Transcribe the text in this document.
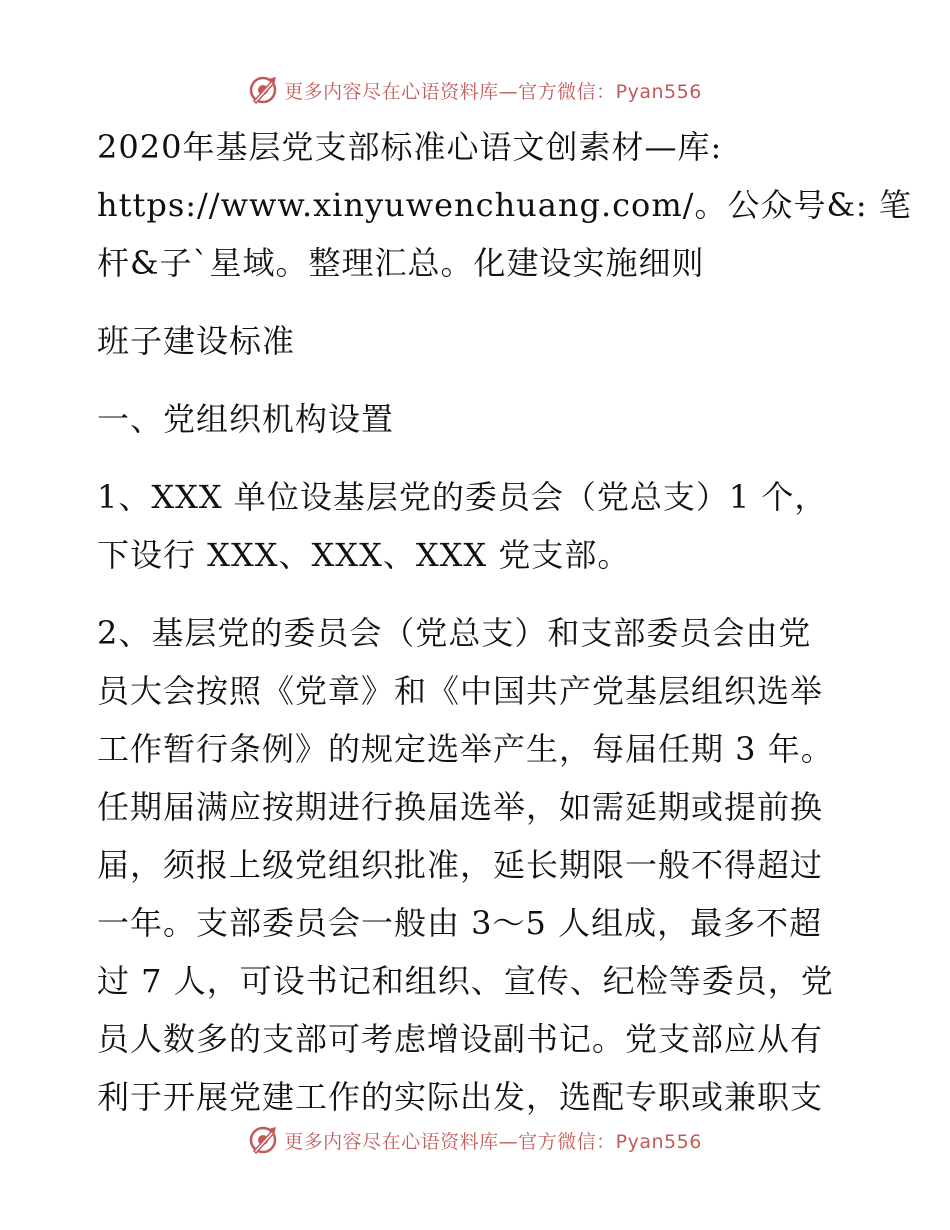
更多内容尽在心语资料库—官方微信：Pyan556
2020年基层党支部标准心语文创素材—库:
https://www.xinyuwenchuang.com/。公众号&: 笔
杆&子`星域。整理汇总。化建设实施细则
班子建设标准
一、党组织机构设置
1、XXX 单位设基层党的委员会（党总支）1 个，
下设行 XXX、XXX、XXX 党支部。
2、基层党的委员会（党总支）和支部委员会由党
员大会按照《党章》和《中国共产党基层组织选举
工作暂行条例》的规定选举产生，每届任期 3 年。
任期届满应按期进行换届选举，如需延期或提前换
届，须报上级党组织批准，延长期限一般不得超过
一年。支部委员会一般由 3～5 人组成，最多不超
过 7 人，可设书记和组织、宣传、纪检等委员，党
员人数多的支部可考虑增设副书记。党支部应从有
利于开展党建工作的实际出发，选配专职或兼职支
更多内容尽在心语资料库—官方微信：Pyan556
